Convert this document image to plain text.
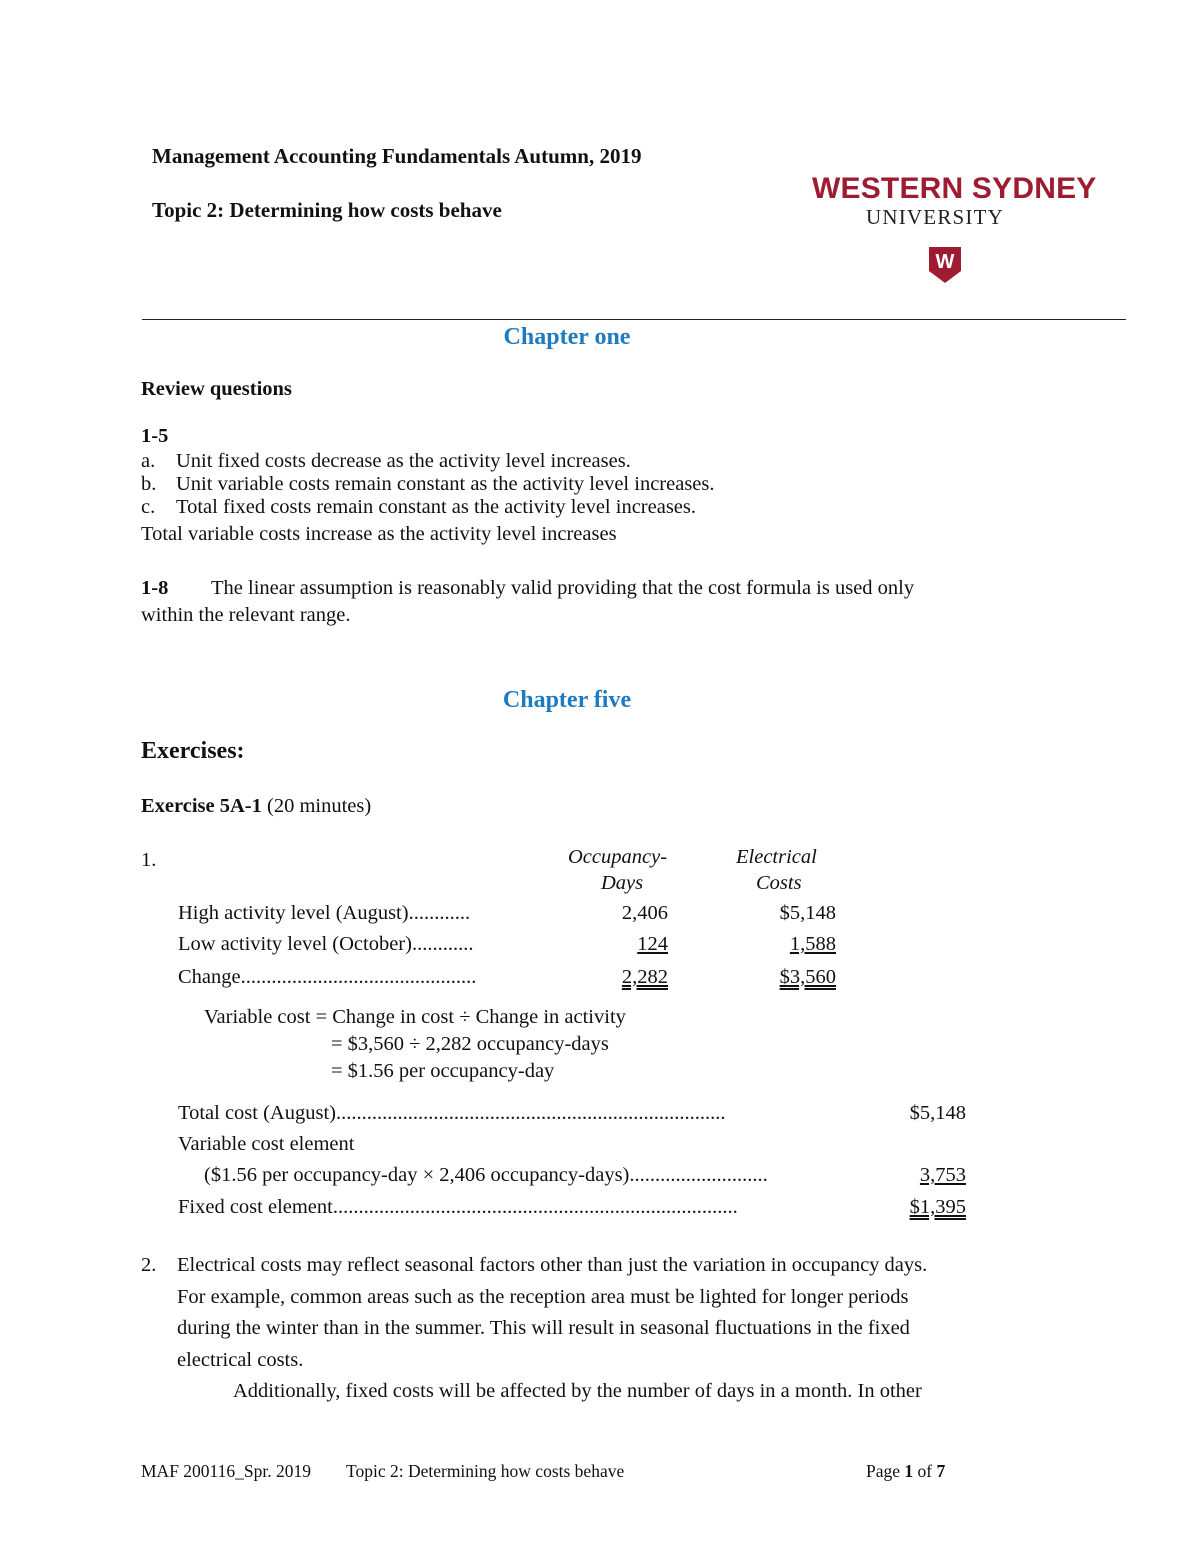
Management Accounting Fundamentals Autumn, 2019
Topic 2: Determining how costs behave
WESTERN SYDNEY
UNIVERSITY
W
Chapter one
Review questions
1-5
a. Unit fixed costs decrease as the activity level increases.
b. Unit variable costs remain constant as the activity level increases.
c. Total fixed costs remain constant as the activity level increases.
Total variable costs increase as the activity level increases
1-8 The linear assumption is reasonably valid providing that the cost formula is used only
within the relevant range.
Chapter five
Exercises:
Exercise 5A-1 (20 minutes)
1.	Occupancy-
Days
Electrical
Costs
High activity level (August)............	2,406	$5,148
Low activity level (October)............	124	1,588
Change..............................................	2,282	$3,560
Variable cost = Change in cost ÷ Change in activity
= $3,560 ÷ 2,282 occupancy-days
= $1.56 per occupancy-day
Total cost (August)............................................................................	$5,148
Variable cost element
($1.56 per occupancy-day × 2,406 occupancy-days)...........................	3,753
Fixed cost element...............................................................................	$1,395
2. Electrical costs may reflect seasonal factors other than just the variation in occupancy days.
For example, common areas such as the reception area must be lighted for longer periods
during the winter than in the summer. This will result in seasonal fluctuations in the fixed
electrical costs.
Additionally, fixed costs will be affected by the number of days in a month. In other
MAF 200116_Spr. 2019 Topic 2: Determining how costs behave	Page 1 of 7
